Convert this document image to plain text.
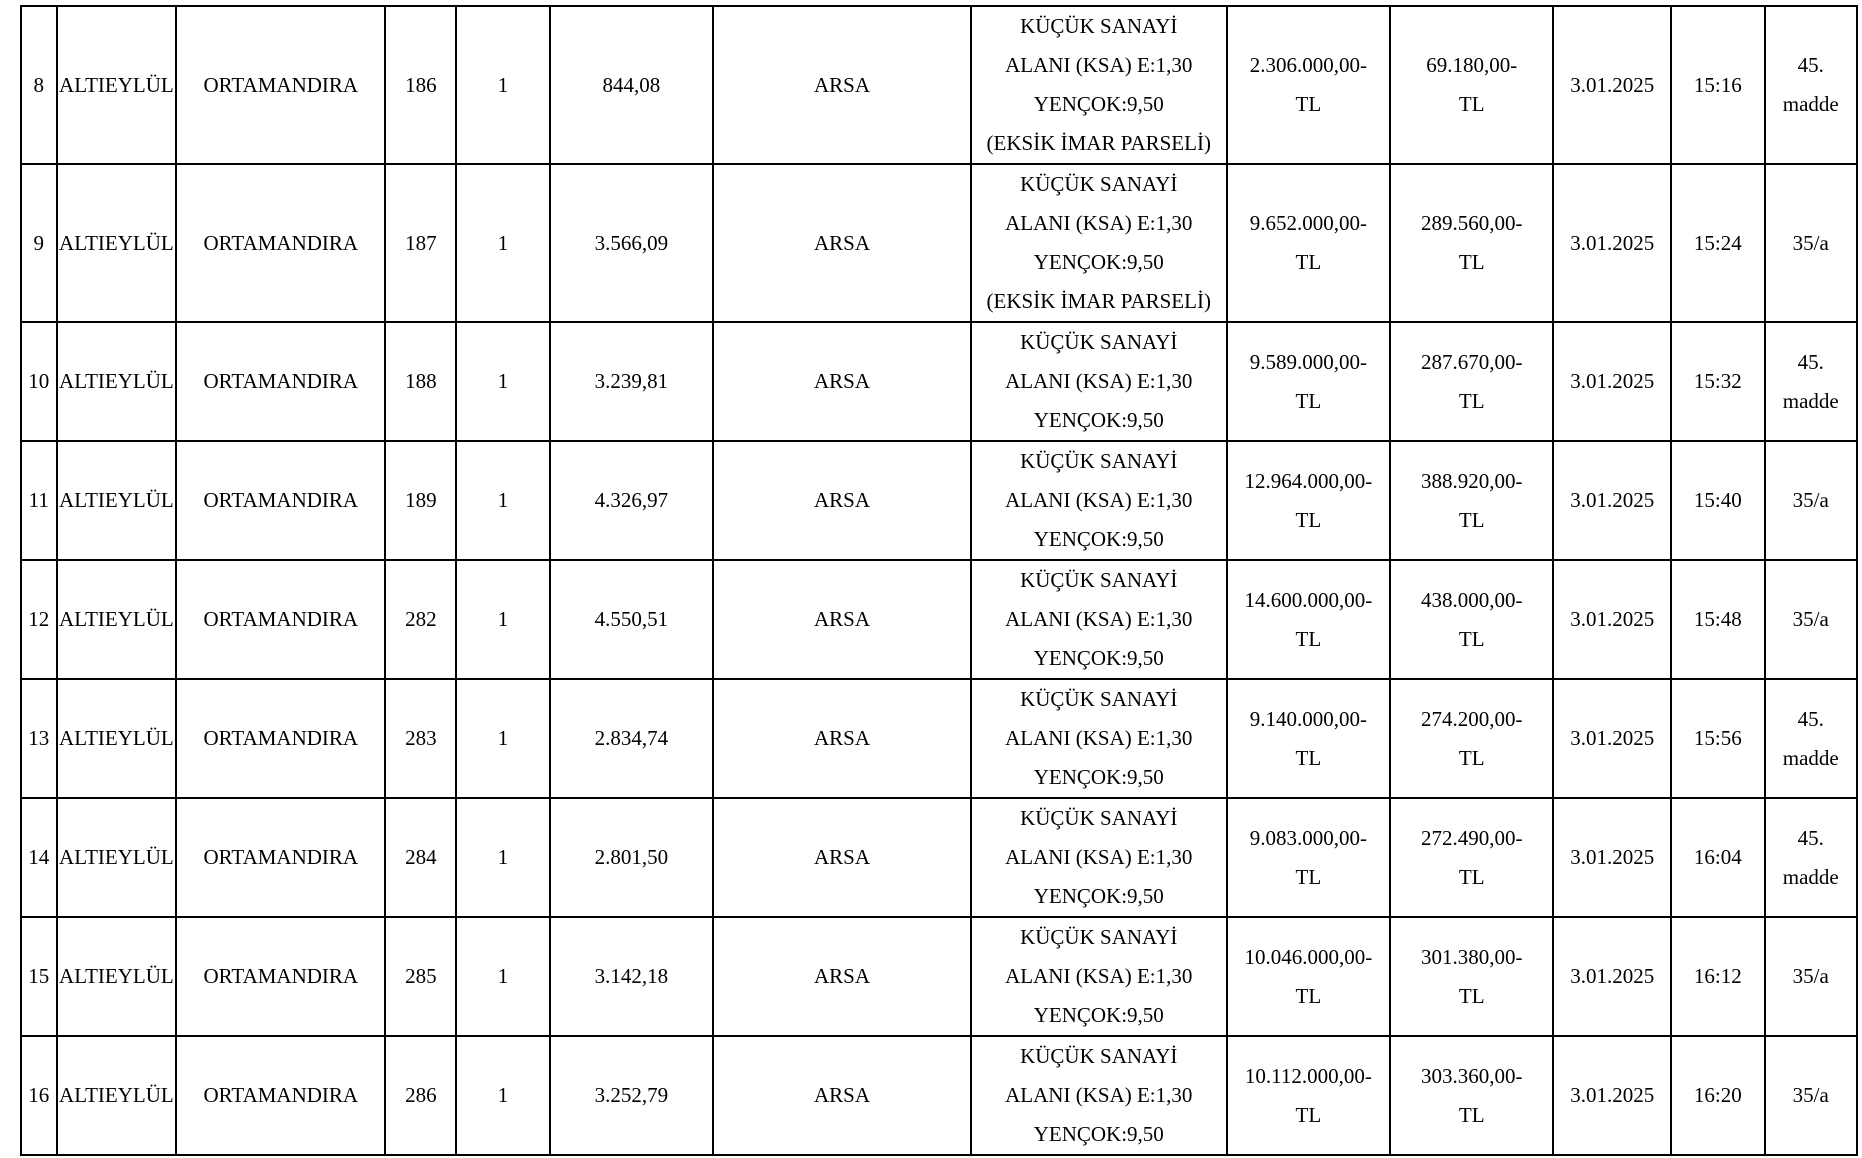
8	ALTIEYLÜL	ORTAMANDIRA	186	1	844,08	ARSA	KÜÇÜK SANAYİ
ALANI (KSA) E:1,30
YENÇOK:9,50
(EKSİK İMAR PARSELİ)	2.306.000,00-
TL	69.180,00-
TL	3.01.2025	15:16	45.
madde

9	ALTIEYLÜL	ORTAMANDIRA	187	1	3.566,09	ARSA	KÜÇÜK SANAYİ
ALANI (KSA) E:1,30
YENÇOK:9,50
(EKSİK İMAR PARSELİ)	9.652.000,00-
TL	289.560,00-
TL	3.01.2025	15:24	35/a

10	ALTIEYLÜL	ORTAMANDIRA	188	1	3.239,81	ARSA	KÜÇÜK SANAYİ
ALANI (KSA) E:1,30
YENÇOK:9,50	9.589.000,00-
TL	287.670,00-
TL	3.01.2025	15:32	45.
madde

11	ALTIEYLÜL	ORTAMANDIRA	189	1	4.326,97	ARSA	KÜÇÜK SANAYİ
ALANI (KSA) E:1,30
YENÇOK:9,50	12.964.000,00-
TL	388.920,00-
TL	3.01.2025	15:40	35/a

12	ALTIEYLÜL	ORTAMANDIRA	282	1	4.550,51	ARSA	KÜÇÜK SANAYİ
ALANI (KSA) E:1,30
YENÇOK:9,50	14.600.000,00-
TL	438.000,00-
TL	3.01.2025	15:48	35/a

13	ALTIEYLÜL	ORTAMANDIRA	283	1	2.834,74	ARSA	KÜÇÜK SANAYİ
ALANI (KSA) E:1,30
YENÇOK:9,50	9.140.000,00-
TL	274.200,00-
TL	3.01.2025	15:56	45.
madde

14	ALTIEYLÜL	ORTAMANDIRA	284	1	2.801,50	ARSA	KÜÇÜK SANAYİ
ALANI (KSA) E:1,30
YENÇOK:9,50	9.083.000,00-
TL	272.490,00-
TL	3.01.2025	16:04	45.
madde

15	ALTIEYLÜL	ORTAMANDIRA	285	1	3.142,18	ARSA	KÜÇÜK SANAYİ
ALANI (KSA) E:1,30
YENÇOK:9,50	10.046.000,00-
TL	301.380,00-
TL	3.01.2025	16:12	35/a

16	ALTIEYLÜL	ORTAMANDIRA	286	1	3.252,79	ARSA	KÜÇÜK SANAYİ
ALANI (KSA) E:1,30
YENÇOK:9,50	10.112.000,00-
TL	303.360,00-
TL	3.01.2025	16:20	35/a
